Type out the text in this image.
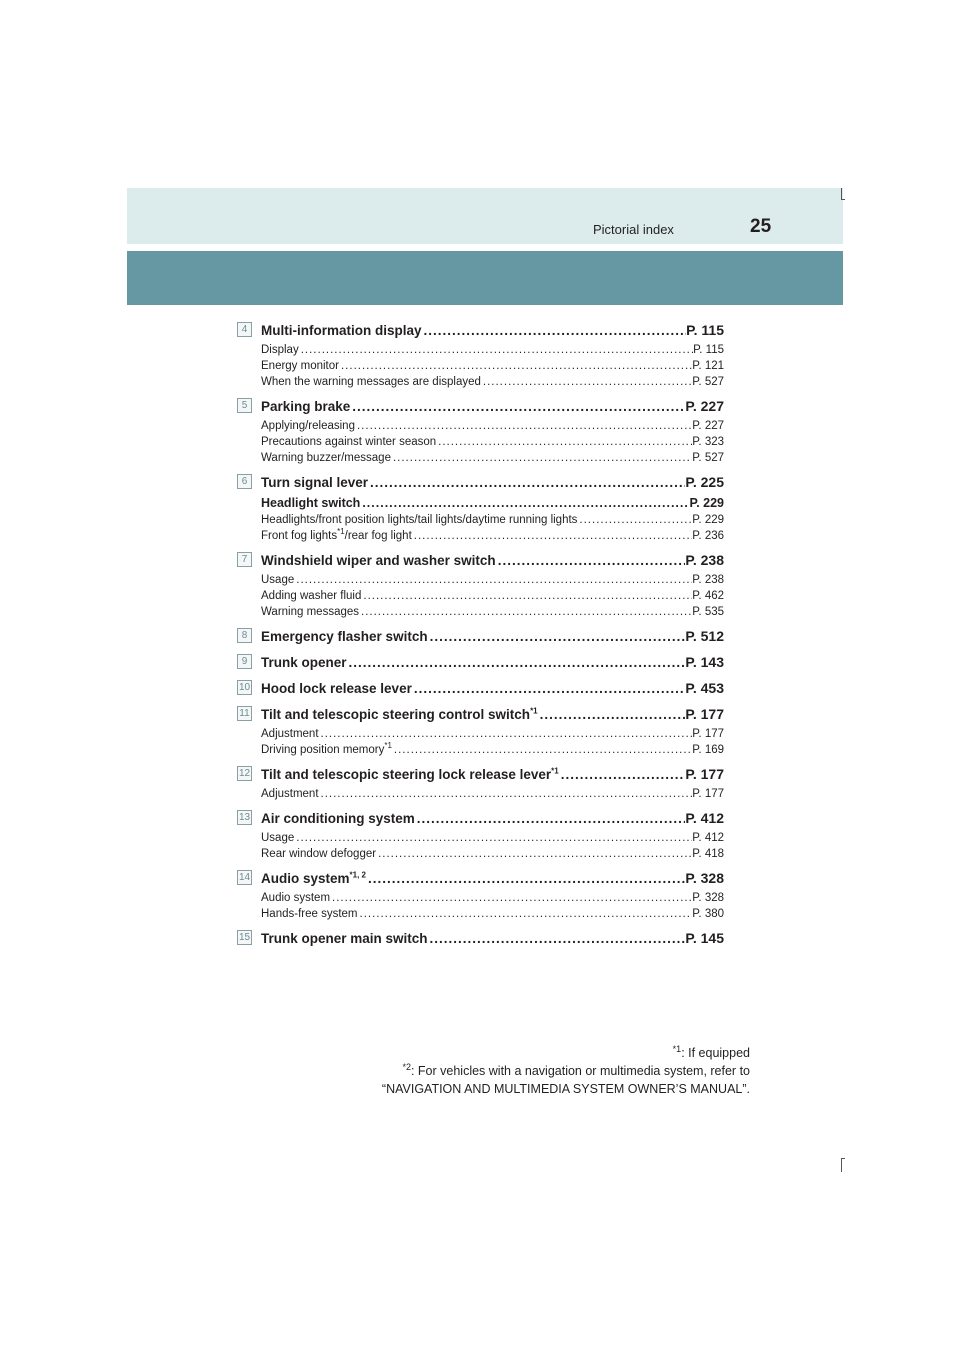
Pictorial index	25
4	Multi-information display .....	P. 115
Display .....	P. 115
Energy monitor .....	P. 121
When the warning messages are displayed .....	P. 527
5	Parking brake .....	P. 227
Applying/releasing .....	P. 227
Precautions against winter season .....	P. 323
Warning buzzer/message .....	P. 527
6	Turn signal lever .....	P. 225
Headlight switch .....	P. 229
Headlights/front position lights/tail lights/daytime running lights .....	P. 229
Front fog lights$^{*1}$/rear fog light .....	P. 236
7	Windshield wiper and washer switch .....	P. 238
Usage .....	P. 238
Adding washer fluid .....	P. 462
Warning messages .....	P. 535
8	Emergency flasher switch .....	P. 512
9	Trunk opener .....	P. 143
10 Hood lock release lever .....	P. 453
11 Tilt and telescopic steering control switch$^{*1}$ .....	P. 177
Adjustment .....	P. 177
Driving position memory$^{*1}$ .....	P. 169
12 Tilt and telescopic steering lock release lever$^{*1}$ .....	P. 177
Adjustment .....	P. 177
13 Air conditioning system .....	P. 412
Usage .....	P. 412
Rear window defogger .....	P. 418
14 Audio system$^{*1, 2}$ .....	P. 328
Audio system .....	P. 328
Hands-free system .....	P. 380
15 Trunk opener main switch .....	P. 145
$^{*1}$: If equipped
$^{*2}$: For vehicles with a navigation or multimedia system, refer to
“NAVIGATION AND MULTIMEDIA SYSTEM OWNER’S MANUAL”.
